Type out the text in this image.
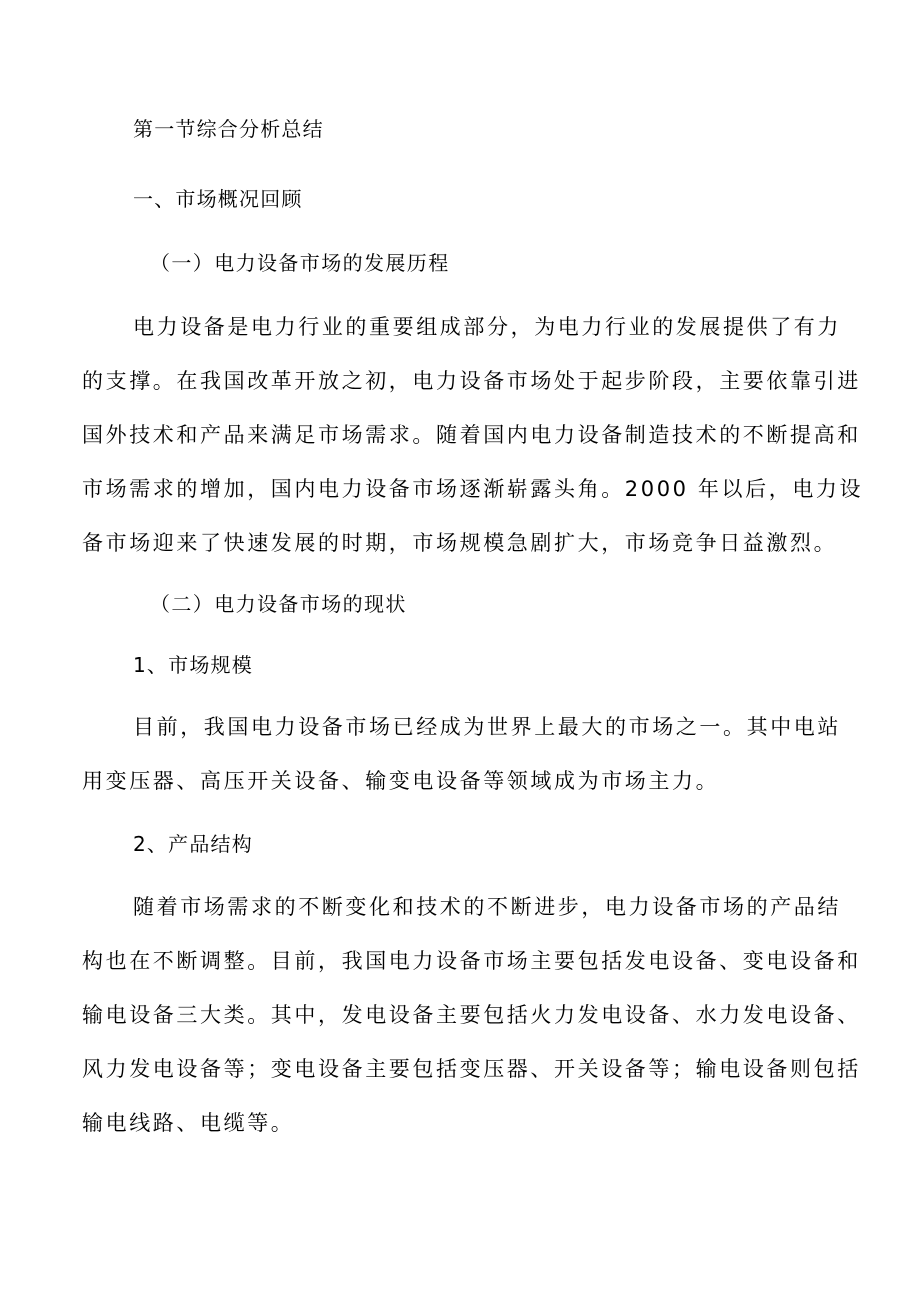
第一节综合分析总结
一、市场概况回顾
（一）电力设备市场的发展历程
电力设备是电力行业的重要组成部分，为电力行业的发展提供了有力
的支撑。在我国改革开放之初，电力设备市场处于起步阶段，主要依靠引进
国外技术和产品来满足市场需求。随着国内电力设备制造技术的不断提高和
市场需求的增加，国内电力设备市场逐渐崭露头角。2000 年以后，电力设
备市场迎来了快速发展的时期，市场规模急剧扩大，市场竞争日益激烈。
（二）电力设备市场的现状
1、市场规模
目前，我国电力设备市场已经成为世界上最大的市场之一。其中电站
用变压器、高压开关设备、输变电设备等领域成为市场主力。
2、产品结构
随着市场需求的不断变化和技术的不断进步，电力设备市场的产品结
构也在不断调整。目前，我国电力设备市场主要包括发电设备、变电设备和
输电设备三大类。其中，发电设备主要包括火力发电设备、水力发电设备、
风力发电设备等；变电设备主要包括变压器、开关设备等；输电设备则包括
输电线路、电缆等。
